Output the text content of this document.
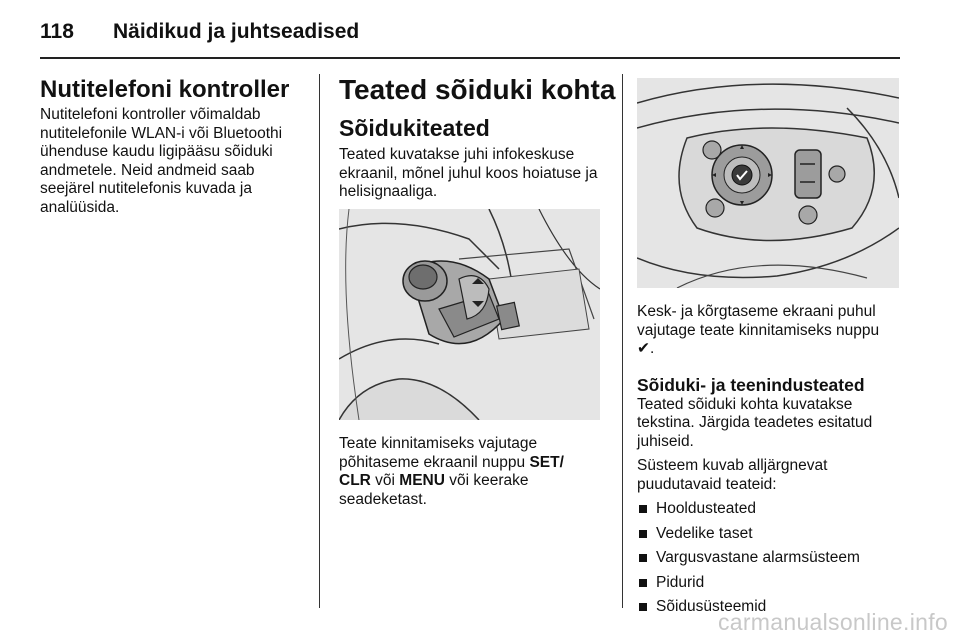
118 Näidikud ja juhtseadised
Nutitelefoni kontroller

Nutitelefoni kontroller võimaldab

nutitelefonile WLAN-i või Bluetoothi

ühenduse kaudu ligipääsu sõiduki

andmetele. Neid andmeid saab

seejärel nutitelefonis kuvada ja

analüüsida.

Teated sõiduki kohta
Sõidukiteated

Teated kuvatakse juhi infokeskuse

ekraanil, mõnel juhul koos hoiatuse ja

helisignaaliga.

Teate kinnitamiseks vajutage

põhitaseme ekraanil nuppu SET/

CLR või MENU või keerake

seadeketast.

Kesk- ja kõrgtaseme ekraani puhul

vajutage teate kinnitamiseks nuppu

✔.

Sõiduki- ja teenindusteated

Teated sõiduki kohta kuvatakse

tekstina. Järgida teadetes esitatud

juhiseid.

Süsteem kuvab alljärgnevat

puudutavaid teateid:

Hooldusteated
Vedelike taset
Vargusvastane alarmsüsteem
Pidurid
Sõidusüsteemid
carmanualsonline.info
